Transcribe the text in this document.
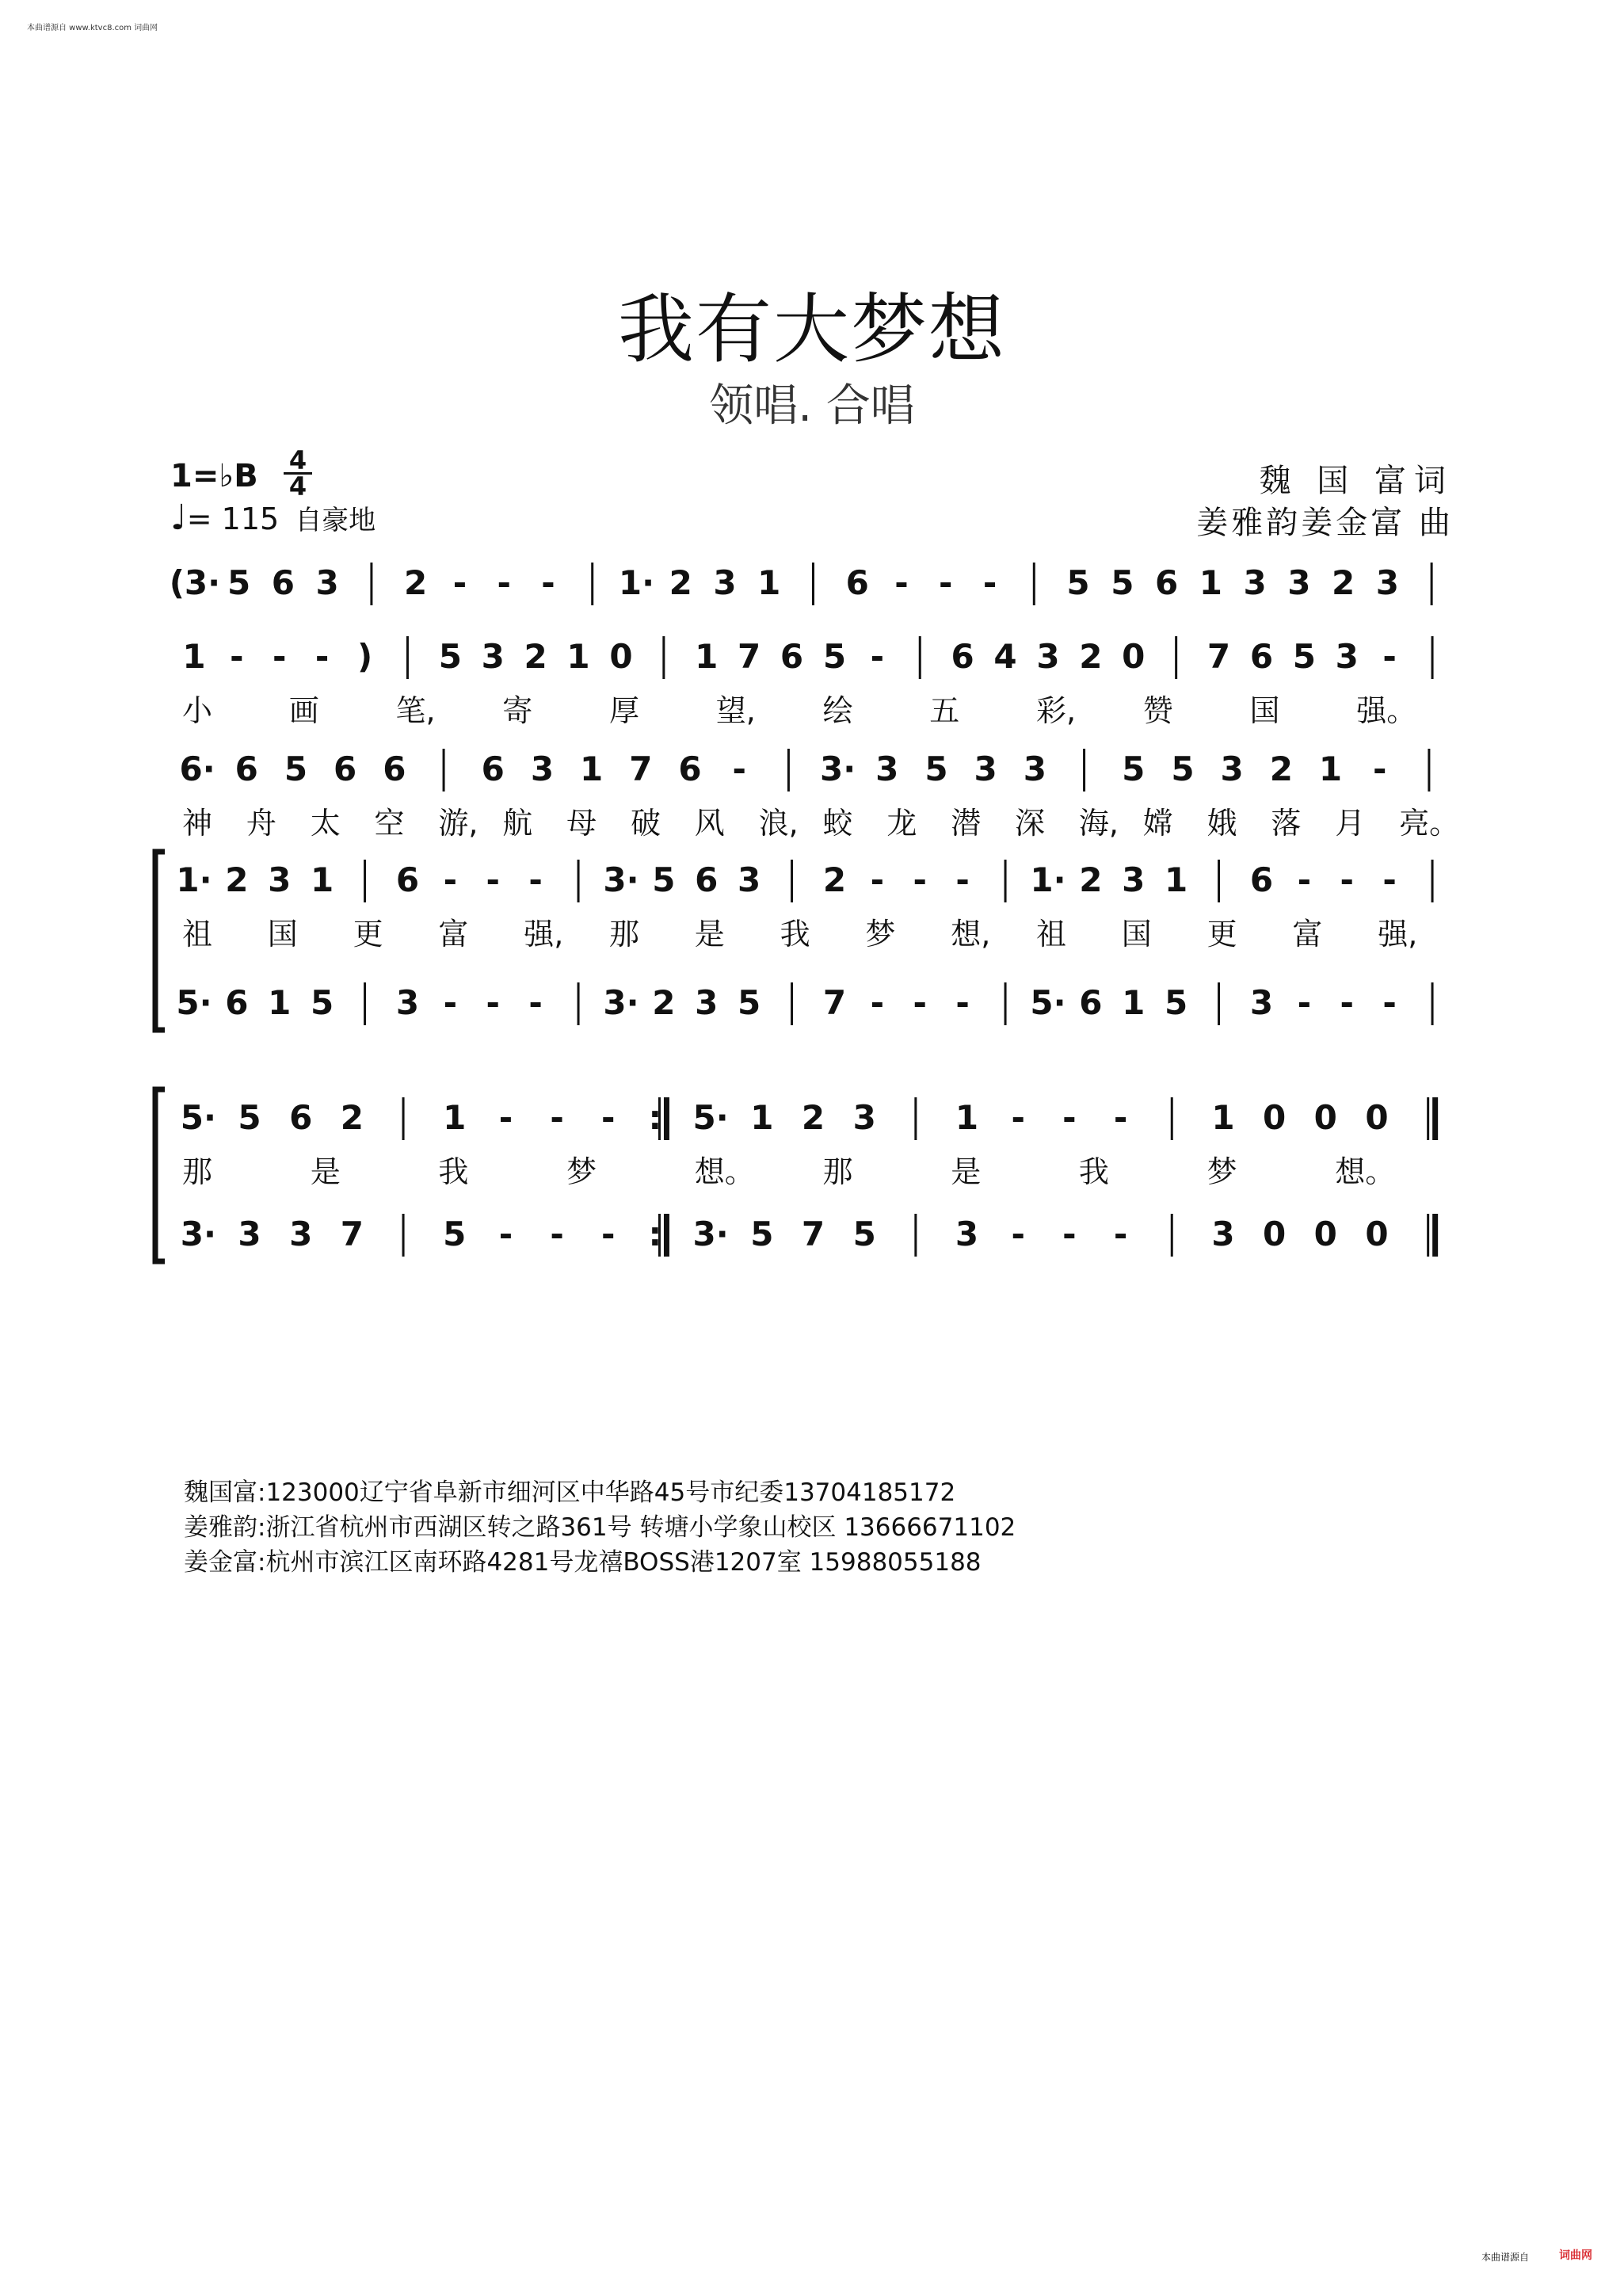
本曲谱源自 www.ktvc8.com 词曲网
我有大梦想
领唱. 合唱
1=♭B 4
4
♩= 115 自豪地
魏 国 富词
姜雅韵姜金富 曲
(3· 5 6 3 2 - - - 1· 2 3 1 6 - - - 5 5 6 1 3 3 2 3
1 - - - ) 5 3 2 1 0 1 7 6 5 - 6 4 3 2 0 7 6 5 3 -
小	画	笔, 寄	厚	望, 绘	五	彩, 赞	国	强。
6· 6 5 6 6 6 3 1 7 6 - 3· 3 5 3 3 5 5 3 2 1 -
神 舟 太 空 游, 航 母 破 风 浪, 蛟 龙 潜 深 海, 嫦 娥 落 月 亮。
1· 2 3 1 6 - - - 3· 5 6 3 2 - - - 1· 2 3 1 6 - - -
祖 国 更 富 强, 那 是 我 梦 想, 祖 国 更 富 强,
5· 6 1 5 3 - - - 3· 2 3 5 7 - - - 5· 6 1 5 3 - - -
5· 5 6 2 1 - - - : 5· 1 2 3 1 - - -	1 0 0 0
那	是	我	梦	想。 那	是	我	梦	想。
3· 3 3 7 5 - - - : 3· 5 7 5 3 - - -	3 0 0 0
魏国富:123000辽宁省阜新市细河区中华路45号市纪委13704185172
姜雅韵:浙江省杭州市西湖区转之路361号 转塘小学象山校区 13666671102
姜金富:杭州市滨江区南环路4281号龙禧BOSS港1207室 15988055188
本曲谱源自	词曲网
